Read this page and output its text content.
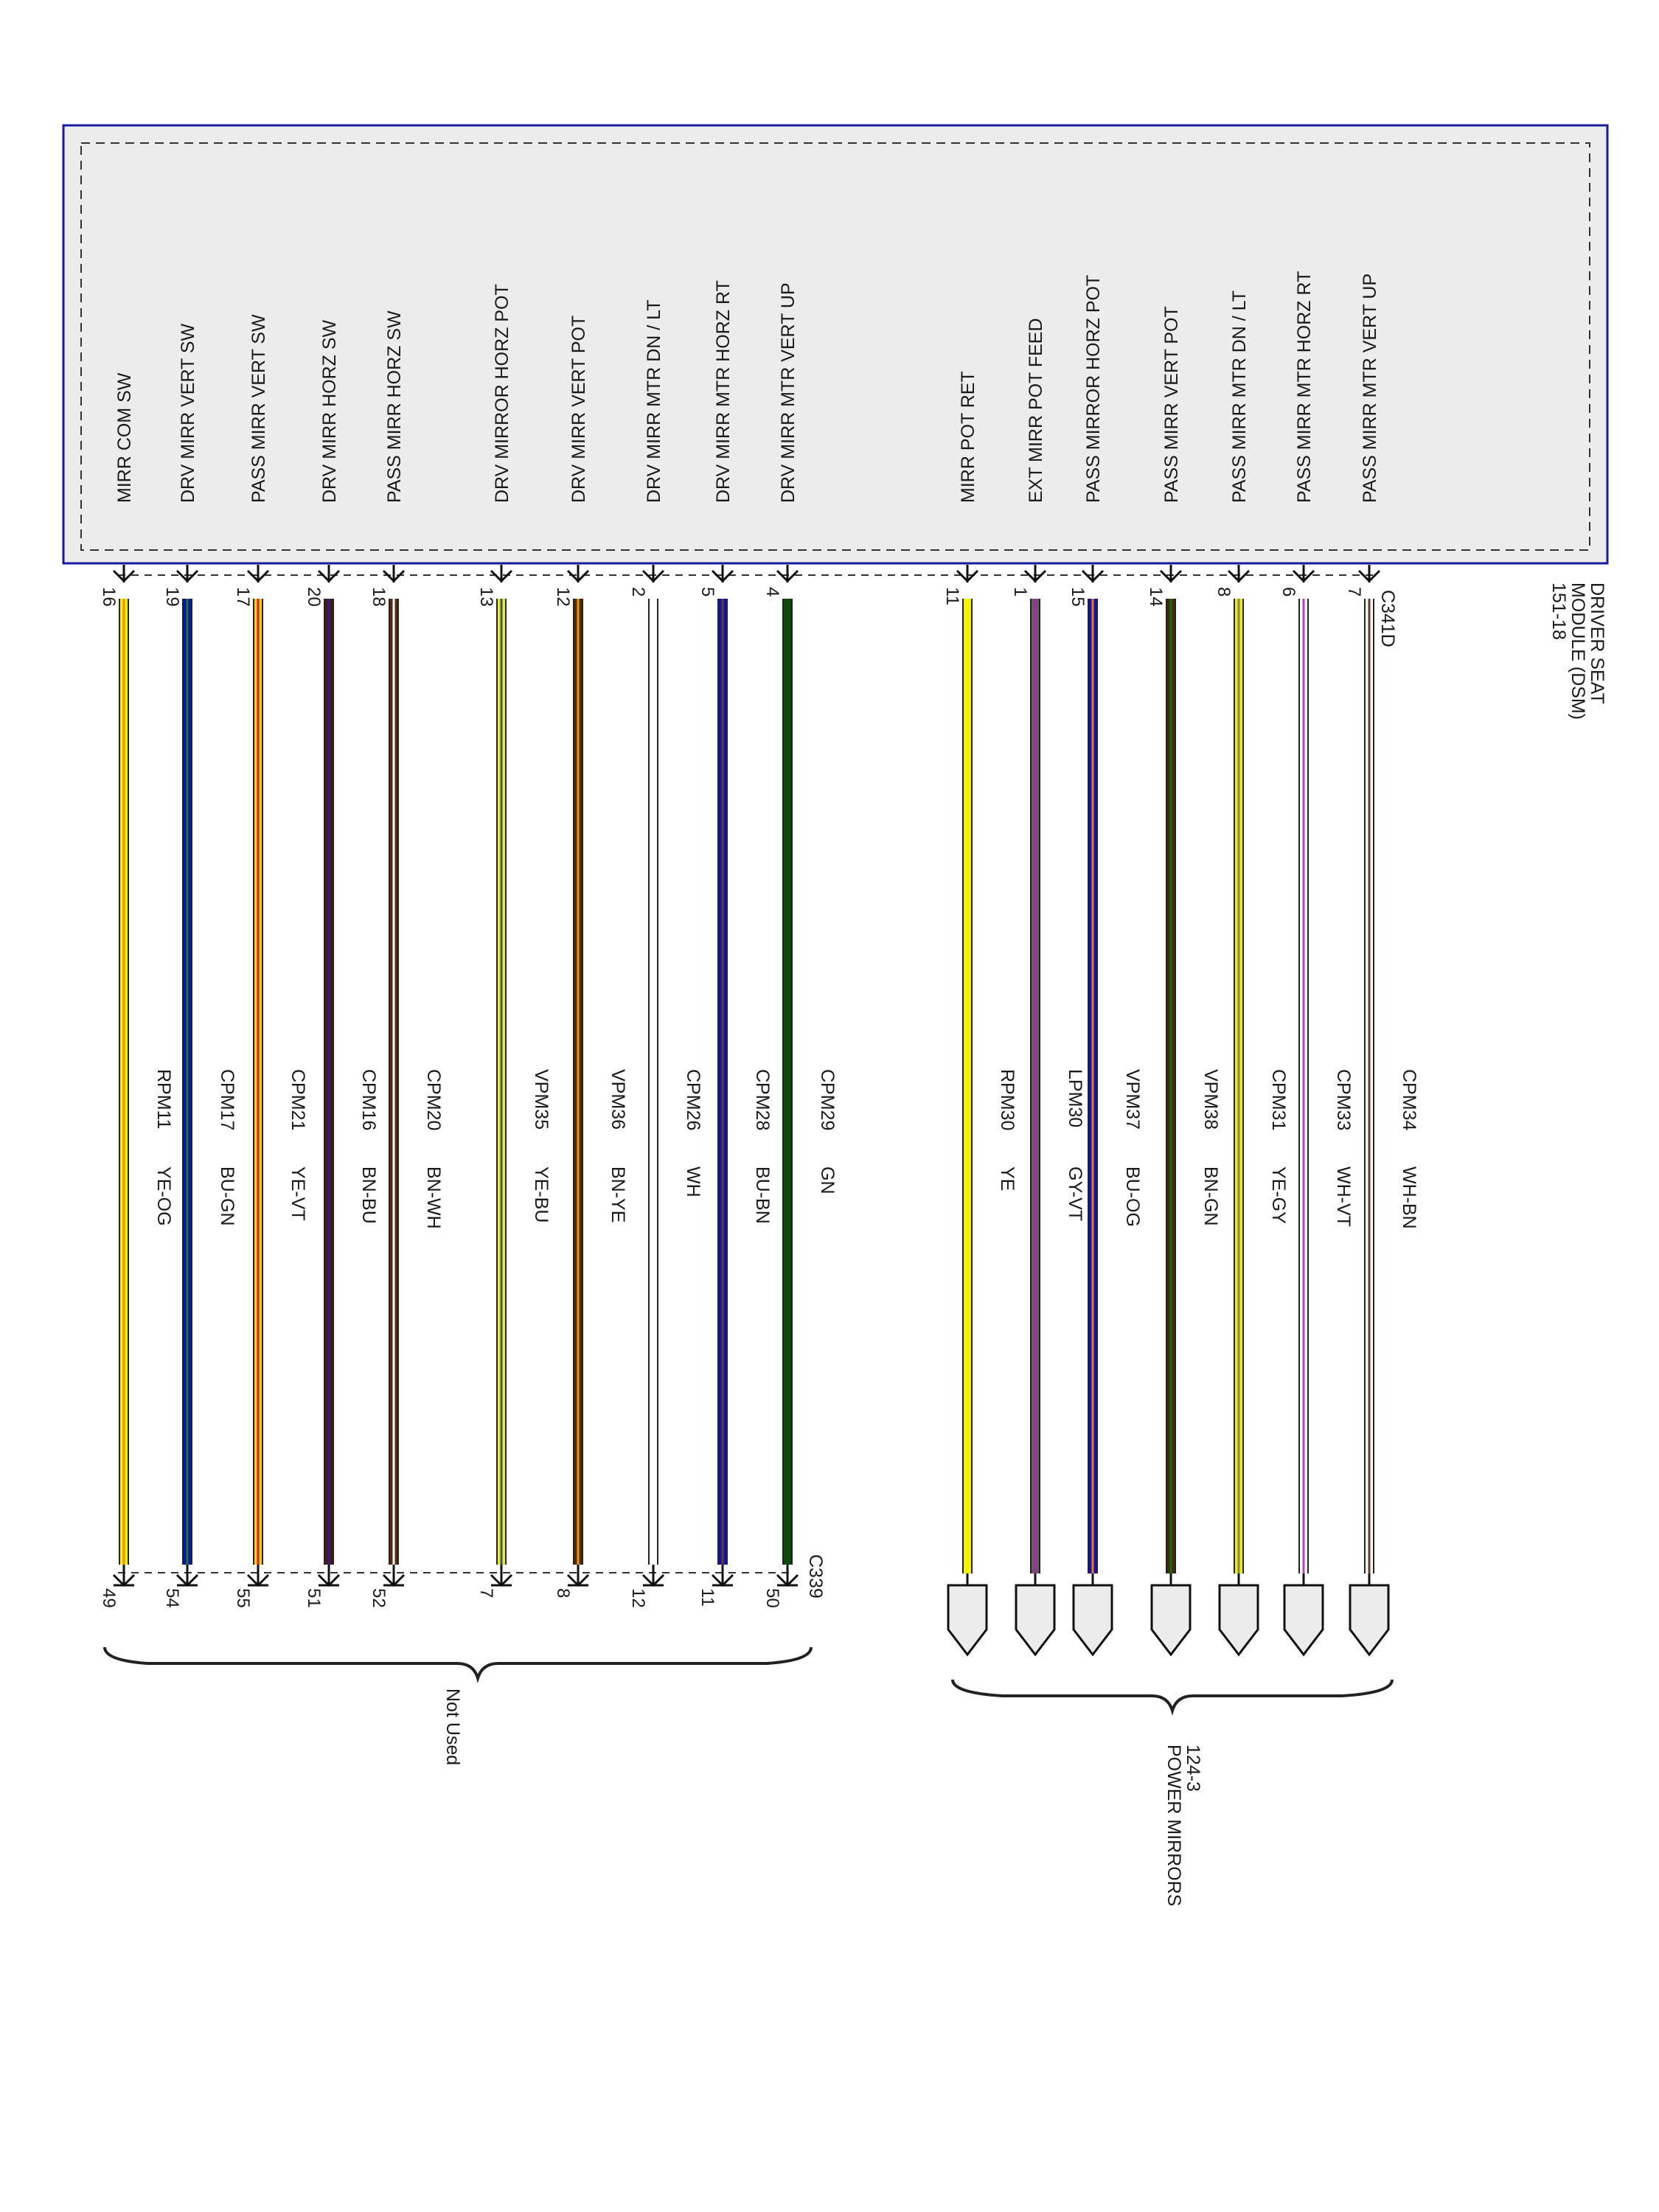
DRIVER SEAT
MODULE (DSM)
151-18
C341D
C339
124-3
POWER MIRRORS
Not Used
PASS MIRR MTR VERT UP
7
CPM34
WH-BN
PASS MIRR MTR HORZ RT
6
CPM33
WH-VT
PASS MIRR MTR DN / LT
8
CPM31
YE-GY
PASS MIRR VERT POT
14
VPM38
BN-GN
PASS MIRROR HORZ POT
15
VPM37
BU-OG
EXT MIRR POT FEED
1
LPM30
GY-VT
MIRR POT RET
11
RPM30
YE
DRV MIRR MTR VERT UP
4
CPM29
GN
50
DRV MIRR MTR HORZ RT
5
CPM28
BU-BN
11
DRV MIRR MTR DN / LT
2
CPM26
WH
12
DRV MIRR VERT POT
12
VPM36
BN-YE
8
DRV MIRROR HORZ POT
13
VPM35
YE-BU
7
PASS MIRR HORZ SW
18
CPM20
BN-WH
52
DRV MIRR HORZ SW
20
CPM16
BN-BU
51
PASS MIRR VERT SW
17
CPM21
YE-VT
55
DRV MIRR VERT SW
19
CPM17
BU-GN
54
MIRR COM SW
16
RPM11
YE-OG
49
